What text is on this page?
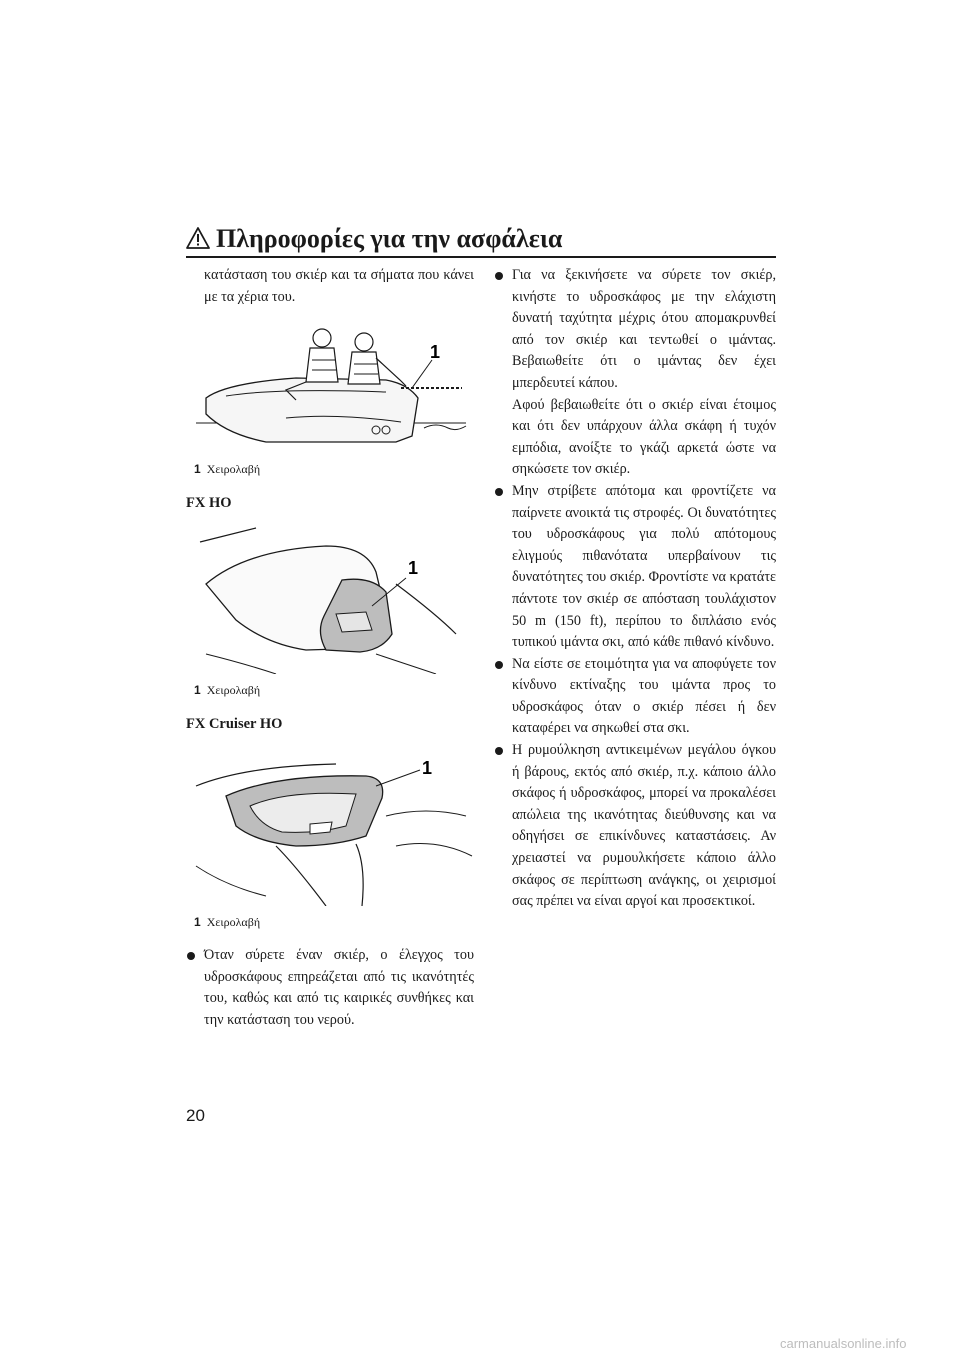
Πληροφορίες για την ασφάλεια

κατάσταση του σκιέρ και τα σήματα που κάνει με τα χέρια του.

1
1 Χειρολαβή
FX HO
1
1 Χειρολαβή
FX Cruiser HO
1
1 Χειρολαβή

Όταν σύρετε έναν σκιέρ, ο έλεγχος του υδροσκάφους επηρεάζεται από τις ικανότητές του, καθώς και από τις καιρικές συνθήκες και την κατάσταση του νερού.

Για να ξεκινήσετε να σύρετε τον σκιέρ, κινήστε το υδροσκάφος με την ελάχιστη δυνατή ταχύτητα μέχρις ότου απομακρυνθεί από τον σκιέρ και τεντωθεί ο ιμάντας. Βεβαιωθείτε ότι ο ιμάντας δεν έχει μπερδευτεί κάπου.

Αφού βεβαιωθείτε ότι ο σκιέρ είναι έτοιμος και ότι δεν υπάρχουν άλλα σκάφη ή τυχόν εμπόδια, ανοίξτε το γκάζι αρκετά ώστε να σηκώσετε τον σκιέρ.

Μην στρίβετε απότομα και φροντίζετε να παίρνετε ανοικτά τις στροφές. Οι δυνατότητες του υδροσκάφους για πολύ απότομους ελιγμούς πιθανότατα υπερβαίνουν τις δυνατότητες του σκιέρ. Φροντίστε να κρατάτε πάντοτε τον σκιέρ σε απόσταση τουλάχιστον 50 m (150 ft), περίπου το διπλάσιο ενός τυπικού ιμάντα σκι, από κάθε πιθανό κίνδυνο.

Να είστε σε ετοιμότητα για να αποφύγετε τον κίνδυνο εκτίναξης του ιμάντα προς το υδροσκάφος όταν ο σκιέρ πέσει ή δεν καταφέρει να σηκωθεί στα σκι.

Η ρυμούλκηση αντικειμένων μεγάλου όγκου ή βάρους, εκτός από σκιέρ, π.χ. κάποιο άλλο σκάφος ή υδροσκάφος, μπορεί να προκαλέσει απώλεια της ικανότητας διεύθυνσης και να οδηγήσει σε επικίνδυνες καταστάσεις. Αν χρειαστεί να ρυμουλκήσετε κάποιο άλλο σκάφος σε περίπτωση ανάγκης, οι χειρισμοί σας πρέπει να είναι αργοί και προσεκτικοί.

20
carmanualsonline.info
